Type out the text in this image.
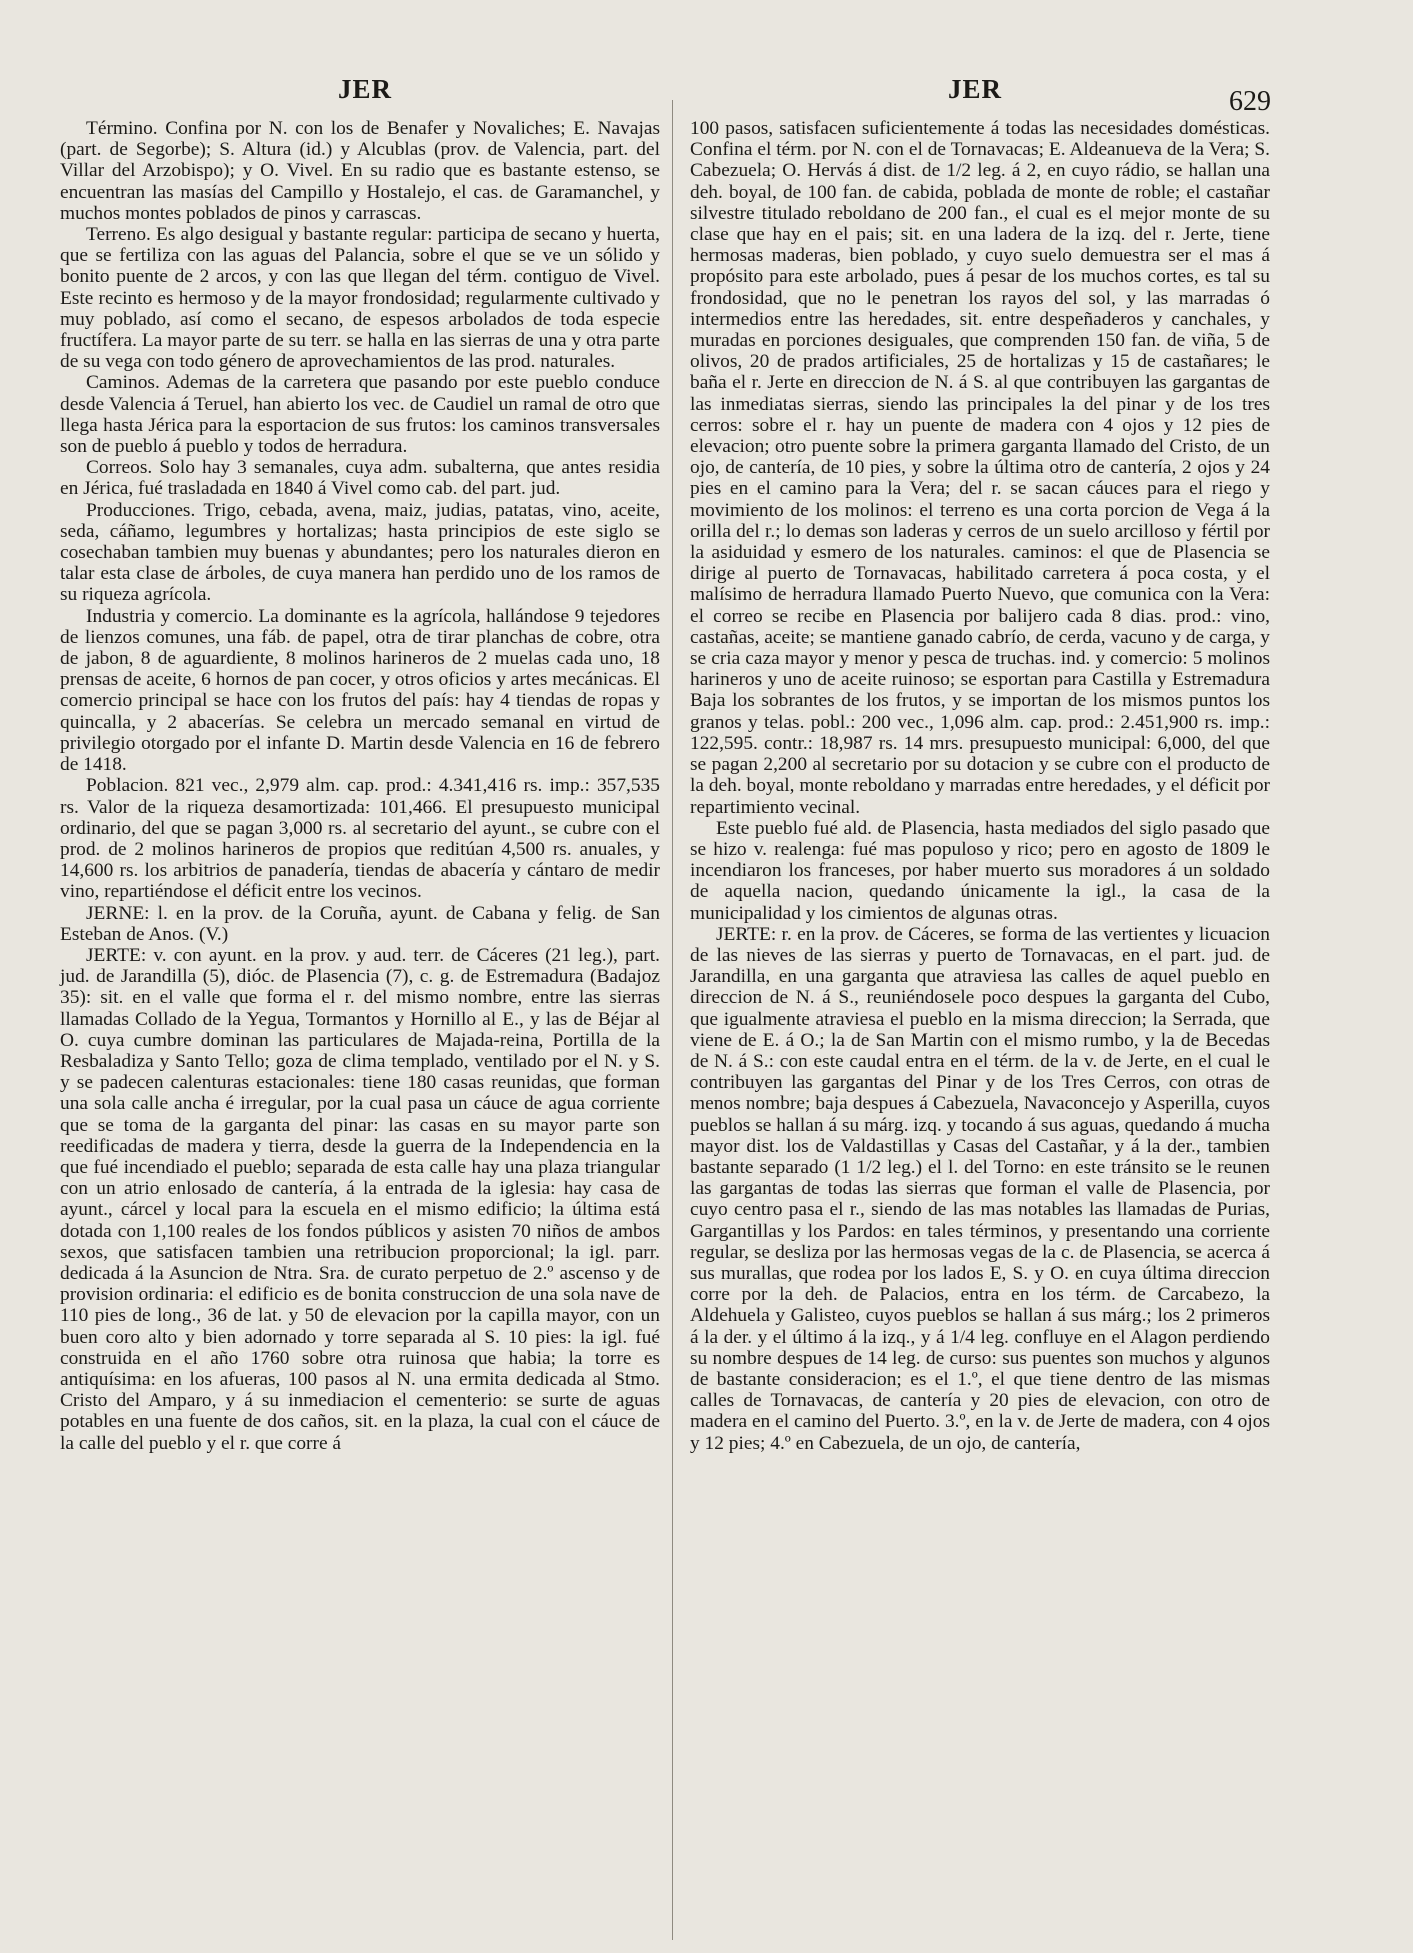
JER	JER	629

Término. Confina por N. con los de Benafer y Novaliches; E. Navajas (part. de Segorbe); S. Altura (id.) y Alcublas (prov. de Valencia, part. del Villar del Arzobispo); y O. Vivel. En su radio que es bastante estenso, se encuentran las masías del Campillo y Hostalejo, el cas. de Garamanchel, y muchos montes poblados de pinos y carrascas.

Terreno. Es algo desigual y bastante regular: participa de secano y huerta, que se fertiliza con las aguas del Palancia, sobre el que se ve un sólido y bonito puente de 2 arcos, y con las que llegan del térm. contiguo de Vivel. Este recinto es hermoso y de la mayor frondosidad; regularmente cultivado y muy poblado, así como el secano, de espesos arbolados de toda especie fructífera. La mayor parte de su terr. se halla en las sierras de una y otra parte de su vega con todo género de aprovechamientos de las prod. naturales.

Caminos. Ademas de la carretera que pasando por este pueblo conduce desde Valencia á Teruel, han abierto los vec. de Caudiel un ramal de otro que llega hasta Jérica para la esportacion de sus frutos: los caminos transversales son de pueblo á pueblo y todos de herradura.

Correos. Solo hay 3 semanales, cuya adm. subalterna, que antes residia en Jérica, fué trasladada en 1840 á Vivel como cab. del part. jud.

Producciones. Trigo, cebada, avena, maiz, judias, patatas, vino, aceite, seda, cáñamo, legumbres y hortalizas; hasta principios de este siglo se cosechaban tambien muy buenas y abundantes; pero los naturales dieron en talar esta clase de árboles, de cuya manera han perdido uno de los ramos de su riqueza agrícola.

Industria y comercio. La dominante es la agrícola, hallándose 9 tejedores de lienzos comunes, una fáb. de papel, otra de tirar planchas de cobre, otra de jabon, 8 de aguardiente, 8 molinos harineros de 2 muelas cada uno, 18 prensas de aceite, 6 hornos de pan cocer, y otros oficios y artes mecánicas. El comercio principal se hace con los frutos del país: hay 4 tiendas de ropas y quincalla, y 2 abacerías. Se celebra un mercado semanal en virtud de privilegio otorgado por el infante D. Martin desde Valencia en 16 de febrero de 1418.

Poblacion. 821 vec., 2,979 alm. cap. prod.: 4.341,416 rs. imp.: 357,535 rs. Valor de la riqueza desamortizada: 101,466. El presupuesto municipal ordinario, del que se pagan 3,000 rs. al secretario del ayunt., se cubre con el prod. de 2 molinos harineros de propios que reditúan 4,500 rs. anuales, y 14,600 rs. los arbitrios de panadería, tiendas de abacería y cántaro de medir vino, repartiéndose el déficit entre los vecinos.

JERNE: l. en la prov. de la Coruña, ayunt. de Cabana y felig. de San Esteban de Anos. (V.)

JERTE: v. con ayunt. en la prov. y aud. terr. de Cáceres (21 leg.), part. jud. de Jarandilla (5), dióc. de Plasencia (7), c. g. de Estremadura (Badajoz 35): sit. en el valle que forma el r. del mismo nombre, entre las sierras llamadas Collado de la Yegua, Tormantos y Hornillo al E., y las de Béjar al O. cuya cumbre dominan las particulares de Majada-reina, Portilla de la Resbaladiza y Santo Tello; goza de clima templado, ventilado por el N. y S. y se padecen calenturas estacionales: tiene 180 casas reunidas, que forman una sola calle ancha é irregular, por la cual pasa un cáuce de agua corriente que se toma de la garganta del pinar: las casas en su mayor parte son reedificadas de madera y tierra, desde la guerra de la Independencia en la que fué incendiado el pueblo; separada de esta calle hay una plaza triangular con un atrio enlosado de cantería, á la entrada de la iglesia: hay casa de ayunt., cárcel y local para la escuela en el mismo edificio; la última está dotada con 1,100 reales de los fondos públicos y asisten 70 niños de ambos sexos, que satisfacen tambien una retribucion proporcional; la igl. parr. dedicada á la Asuncion de Ntra. Sra. de curato perpetuo de 2.º ascenso y de provision ordinaria: el edificio es de bonita construccion de una sola nave de 110 pies de long., 36 de lat. y 50 de elevacion por la capilla mayor, con un buen coro alto y bien adornado y torre separada al S. 10 pies: la igl. fué construida en el año 1760 sobre otra ruinosa que habia; la torre es antiquísima: en los afueras, 100 pasos al N. una ermita dedicada al Stmo. Cristo del Amparo, y á su inmediacion el cementerio: se surte de aguas potables en una fuente de dos caños, sit. en la plaza, la cual con el cáuce de la calle del pueblo y el r. que corre á

100 pasos, satisfacen suficientemente á todas las necesidades domésticas. Confina el térm. por N. con el de Tornavacas; E. Aldeanueva de la Vera; S. Cabezuela; O. Hervás á dist. de 1/2 leg. á 2, en cuyo rádio, se hallan una deh. boyal, de 100 fan. de cabida, poblada de monte de roble; el castañar silvestre titulado reboldano de 200 fan., el cual es el mejor monte de su clase que hay en el pais; sit. en una ladera de la izq. del r. Jerte, tiene hermosas maderas, bien poblado, y cuyo suelo demuestra ser el mas á propósito para este arbolado, pues á pesar de los muchos cortes, es tal su frondosidad, que no le penetran los rayos del sol, y las marradas ó intermedios entre las heredades, sit. entre despeñaderos y canchales, y muradas en porciones desiguales, que comprenden 150 fan. de viña, 5 de olivos, 20 de prados artificiales, 25 de hortalizas y 15 de castañares; le baña el r. Jerte en direccion de N. á S. al que contribuyen las gargantas de las inmediatas sierras, siendo las principales la del pinar y de los tres cerros: sobre el r. hay un puente de madera con 4 ojos y 12 pies de elevacion; otro puente sobre la primera garganta llamado del Cristo, de un ojo, de cantería, de 10 pies, y sobre la última otro de cantería, 2 ojos y 24 pies en el camino para la Vera; del r. se sacan cáuces para el riego y movimiento de los molinos: el terreno es una corta porcion de Vega á la orilla del r.; lo demas son laderas y cerros de un suelo arcilloso y fértil por la asiduidad y esmero de los naturales. caminos: el que de Plasencia se dirige al puerto de Tornavacas, habilitado carretera á poca costa, y el malísimo de herradura llamado Puerto Nuevo, que comunica con la Vera: el correo se recibe en Plasencia por balijero cada 8 dias. prod.: vino, castañas, aceite; se mantiene ganado cabrío, de cerda, vacuno y de carga, y se cria caza mayor y menor y pesca de truchas. ind. y comercio: 5 molinos harineros y uno de aceite ruinoso; se esportan para Castilla y Estremadura Baja los sobrantes de los frutos, y se importan de los mismos puntos los granos y telas. pobl.: 200 vec., 1,096 alm. cap. prod.: 2.451,900 rs. imp.: 122,595. contr.: 18,987 rs. 14 mrs. presupuesto municipal: 6,000, del que se pagan 2,200 al secretario por su dotacion y se cubre con el producto de la deh. boyal, monte reboldano y marradas entre heredades, y el déficit por repartimiento vecinal.

Este pueblo fué ald. de Plasencia, hasta mediados del siglo pasado que se hizo v. realenga: fué mas populoso y rico; pero en agosto de 1809 le incendiaron los franceses, por haber muerto sus moradores á un soldado de aquella nacion, quedando únicamente la igl., la casa de la municipalidad y los cimientos de algunas otras.

JERTE: r. en la prov. de Cáceres, se forma de las vertientes y licuacion de las nieves de las sierras y puerto de Tornavacas, en el part. jud. de Jarandilla, en una garganta que atraviesa las calles de aquel pueblo en direccion de N. á S., reuniéndosele poco despues la garganta del Cubo, que igualmente atraviesa el pueblo en la misma direccion; la Serrada, que viene de E. á O.; la de San Martin con el mismo rumbo, y la de Becedas de N. á S.: con este caudal entra en el térm. de la v. de Jerte, en el cual le contribuyen las gargantas del Pinar y de los Tres Cerros, con otras de menos nombre; baja despues á Cabezuela, Navaconcejo y Asperilla, cuyos pueblos se hallan á su márg. izq. y tocando á sus aguas, quedando á mucha mayor dist. los de Valdastillas y Casas del Castañar, y á la der., tambien bastante separado (1 1/2 leg.) el l. del Torno: en este tránsito se le reunen las gargantas de todas las sierras que forman el valle de Plasencia, por cuyo centro pasa el r., siendo de las mas notables las llamadas de Purias, Gargantillas y los Pardos: en tales términos, y presentando una corriente regular, se desliza por las hermosas vegas de la c. de Plasencia, se acerca á sus murallas, que rodea por los lados E, S. y O. en cuya última direccion corre por la deh. de Palacios, entra en los térm. de Carcabezo, la Aldehuela y Galisteo, cuyos pueblos se hallan á sus márg.; los 2 primeros á la der. y el último á la izq., y á 1/4 leg. confluye en el Alagon perdiendo su nombre despues de 14 leg. de curso: sus puentes son muchos y algunos de bastante consideracion; es el 1.º, el que tiene dentro de las mismas calles de Tornavacas, de cantería y 20 pies de elevacion, con otro de madera en el camino del Puerto. 3.º, en la v. de Jerte de madera, con 4 ojos y 12 pies; 4.º en Cabezuela, de un ojo, de cantería,
